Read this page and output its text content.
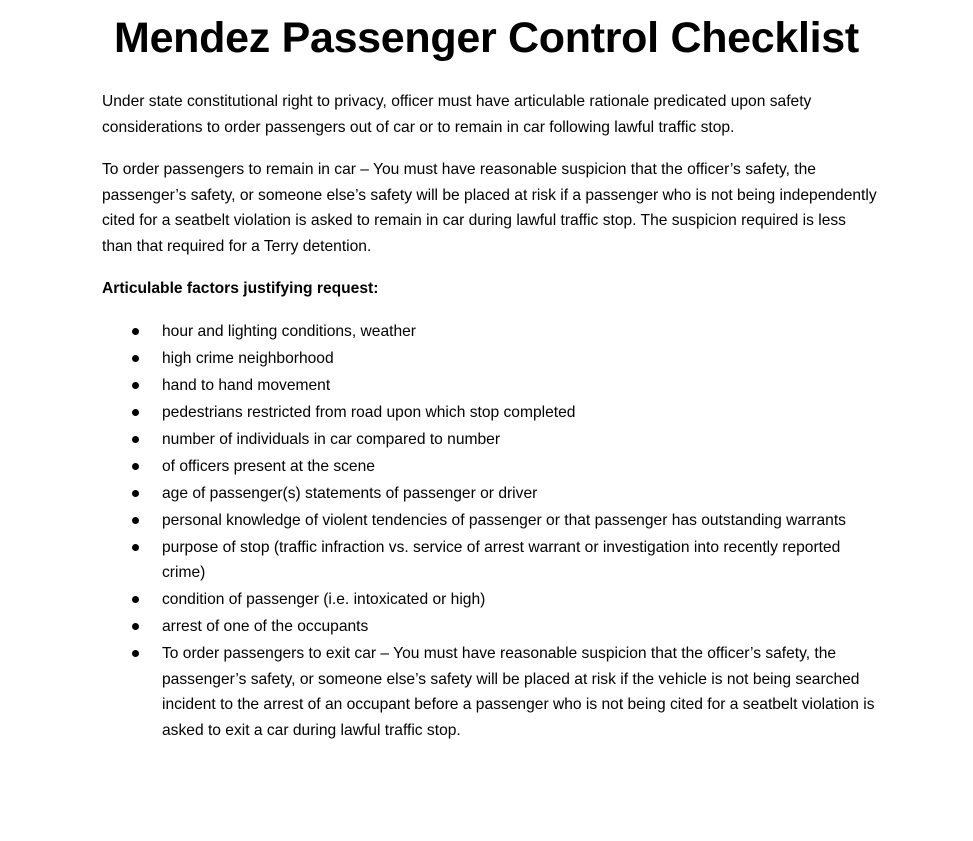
Mendez Passenger Control Checklist

Under state constitutional right to privacy, officer must have articulable rationale predicated upon safety considerations to order passengers out of car or to remain in car following lawful traffic stop.

To order passengers to remain in car – You must have reasonable suspicion that the officer’s safety, the passenger’s safety, or someone else’s safety will be placed at risk if a passenger who is not being independently cited for a seatbelt violation is asked to remain in car during lawful traffic stop. The suspicion required is less than that required for a Terry detention.

Articulable factors justifying request:

hour and lighting conditions, weather
high crime neighborhood
hand to hand movement
pedestrians restricted from road upon which stop completed
number of individuals in car compared to number
of officers present at the scene
age of passenger(s) statements of passenger or driver
personal knowledge of violent tendencies of passenger or that passenger has outstanding warrants
purpose of stop (traffic infraction vs. service of arrest warrant or investigation into recently reported crime)
condition of passenger (i.e. intoxicated or high)
arrest of one of the occupants
To order passengers to exit car – You must have reasonable suspicion that the officer’s safety, the passenger’s safety, or someone else’s safety will be placed at risk if the vehicle is not being searched incident to the arrest of an occupant before a passenger who is not being cited for a seatbelt violation is asked to exit a car during lawful traffic stop.
